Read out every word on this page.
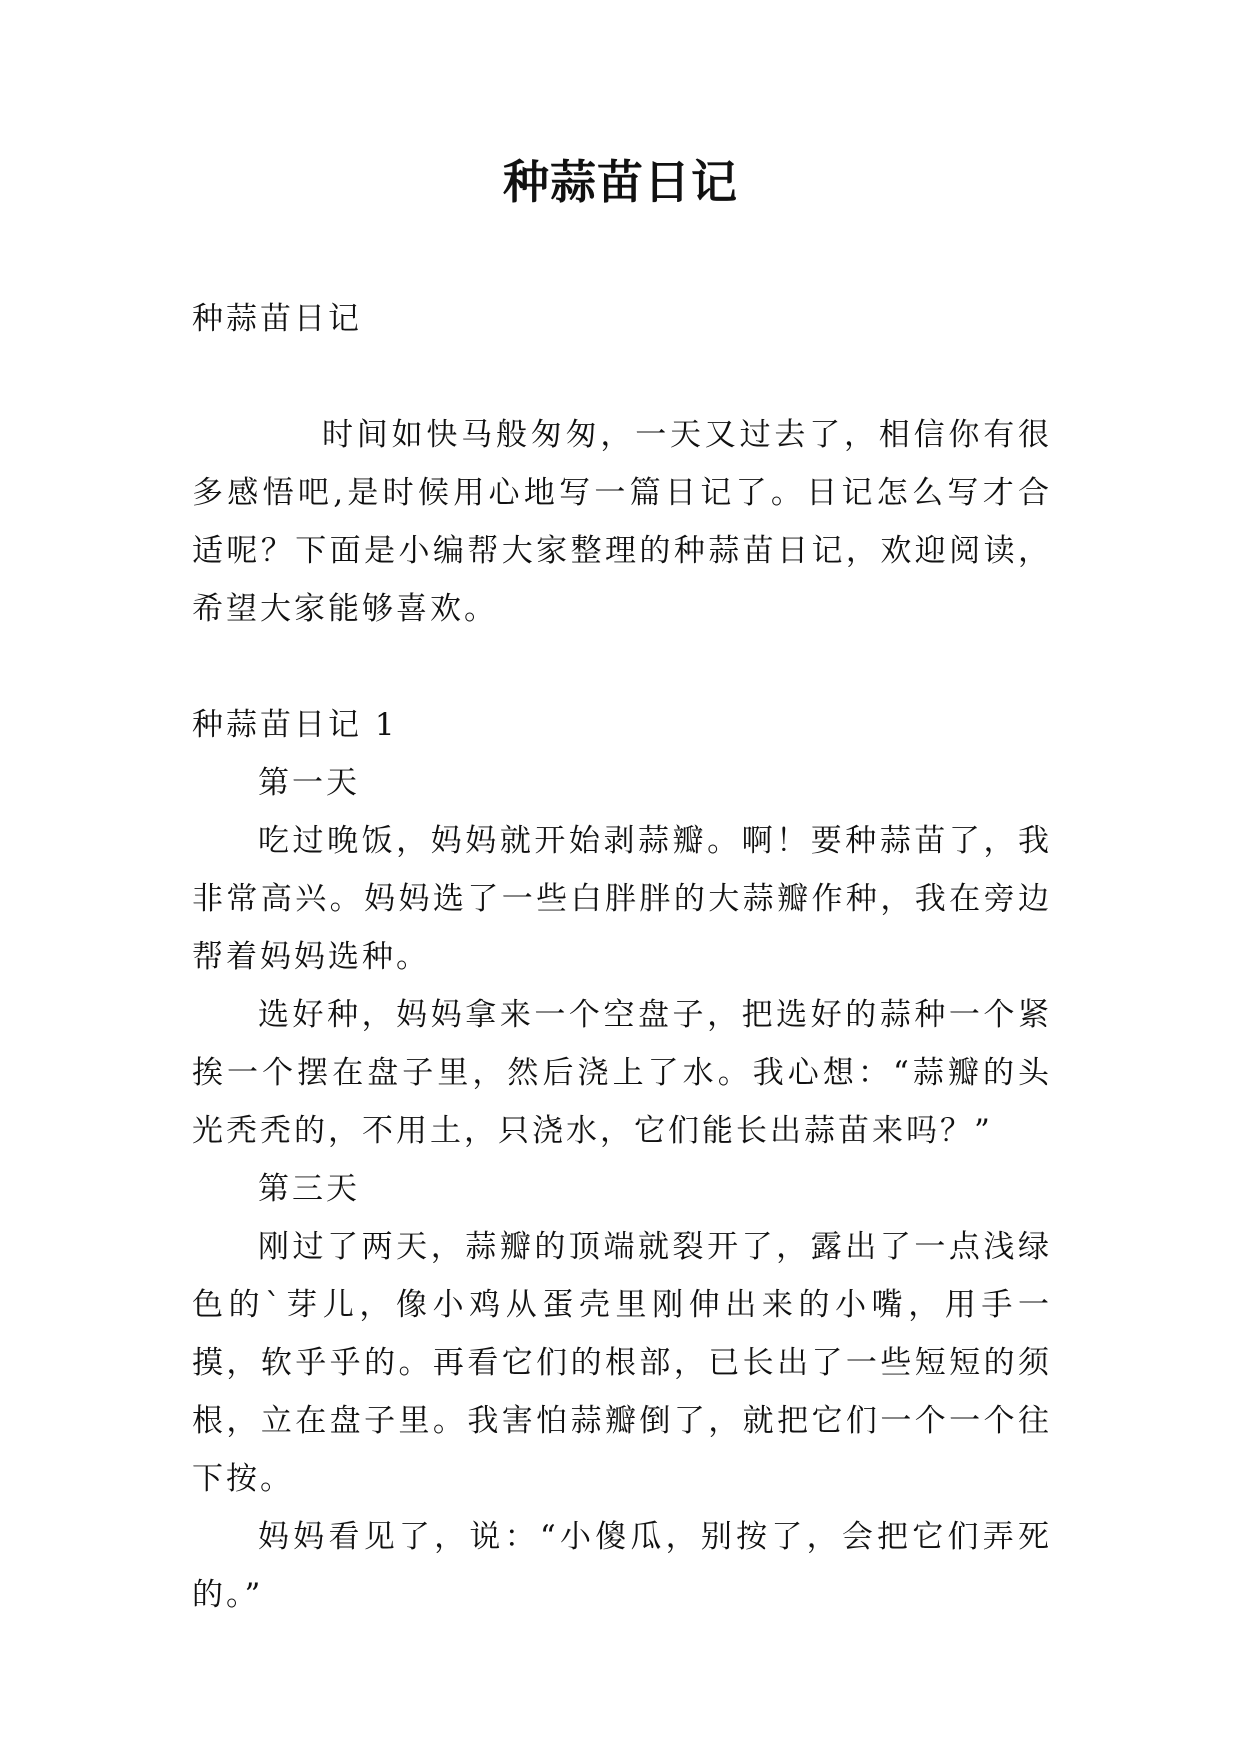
种蒜苗日记

种蒜苗日记

时间如快马般匆匆，一天又过去了，相信你有很多感悟吧,是时候用心地写一篇日记了。日记怎么写才合适呢？下面是小编帮大家整理的种蒜苗日记，欢迎阅读，希望大家能够喜欢。

种蒜苗日记 1

第一天

吃过晚饭，妈妈就开始剥蒜瓣。啊！要种蒜苗了，我非常高兴。妈妈选了一些白胖胖的大蒜瓣作种，我在旁边帮着妈妈选种。

选好种，妈妈拿来一个空盘子，把选好的蒜种一个紧挨一个摆在盘子里，然后浇上了水。我心想：“蒜瓣的头光秃秃的，不用土，只浇水，它们能长出蒜苗来吗？”

第三天

刚过了两天，蒜瓣的顶端就裂开了，露出了一点浅绿色的`芽儿，像小鸡从蛋壳里刚伸出来的小嘴，用手一摸，软乎乎的。再看它们的根部，已长出了一些短短的须根，立在盘子里。我害怕蒜瓣倒了，就把它们一个一个往下按。

妈妈看见了，说：“小傻瓜，别按了，会把它们弄死的。”
